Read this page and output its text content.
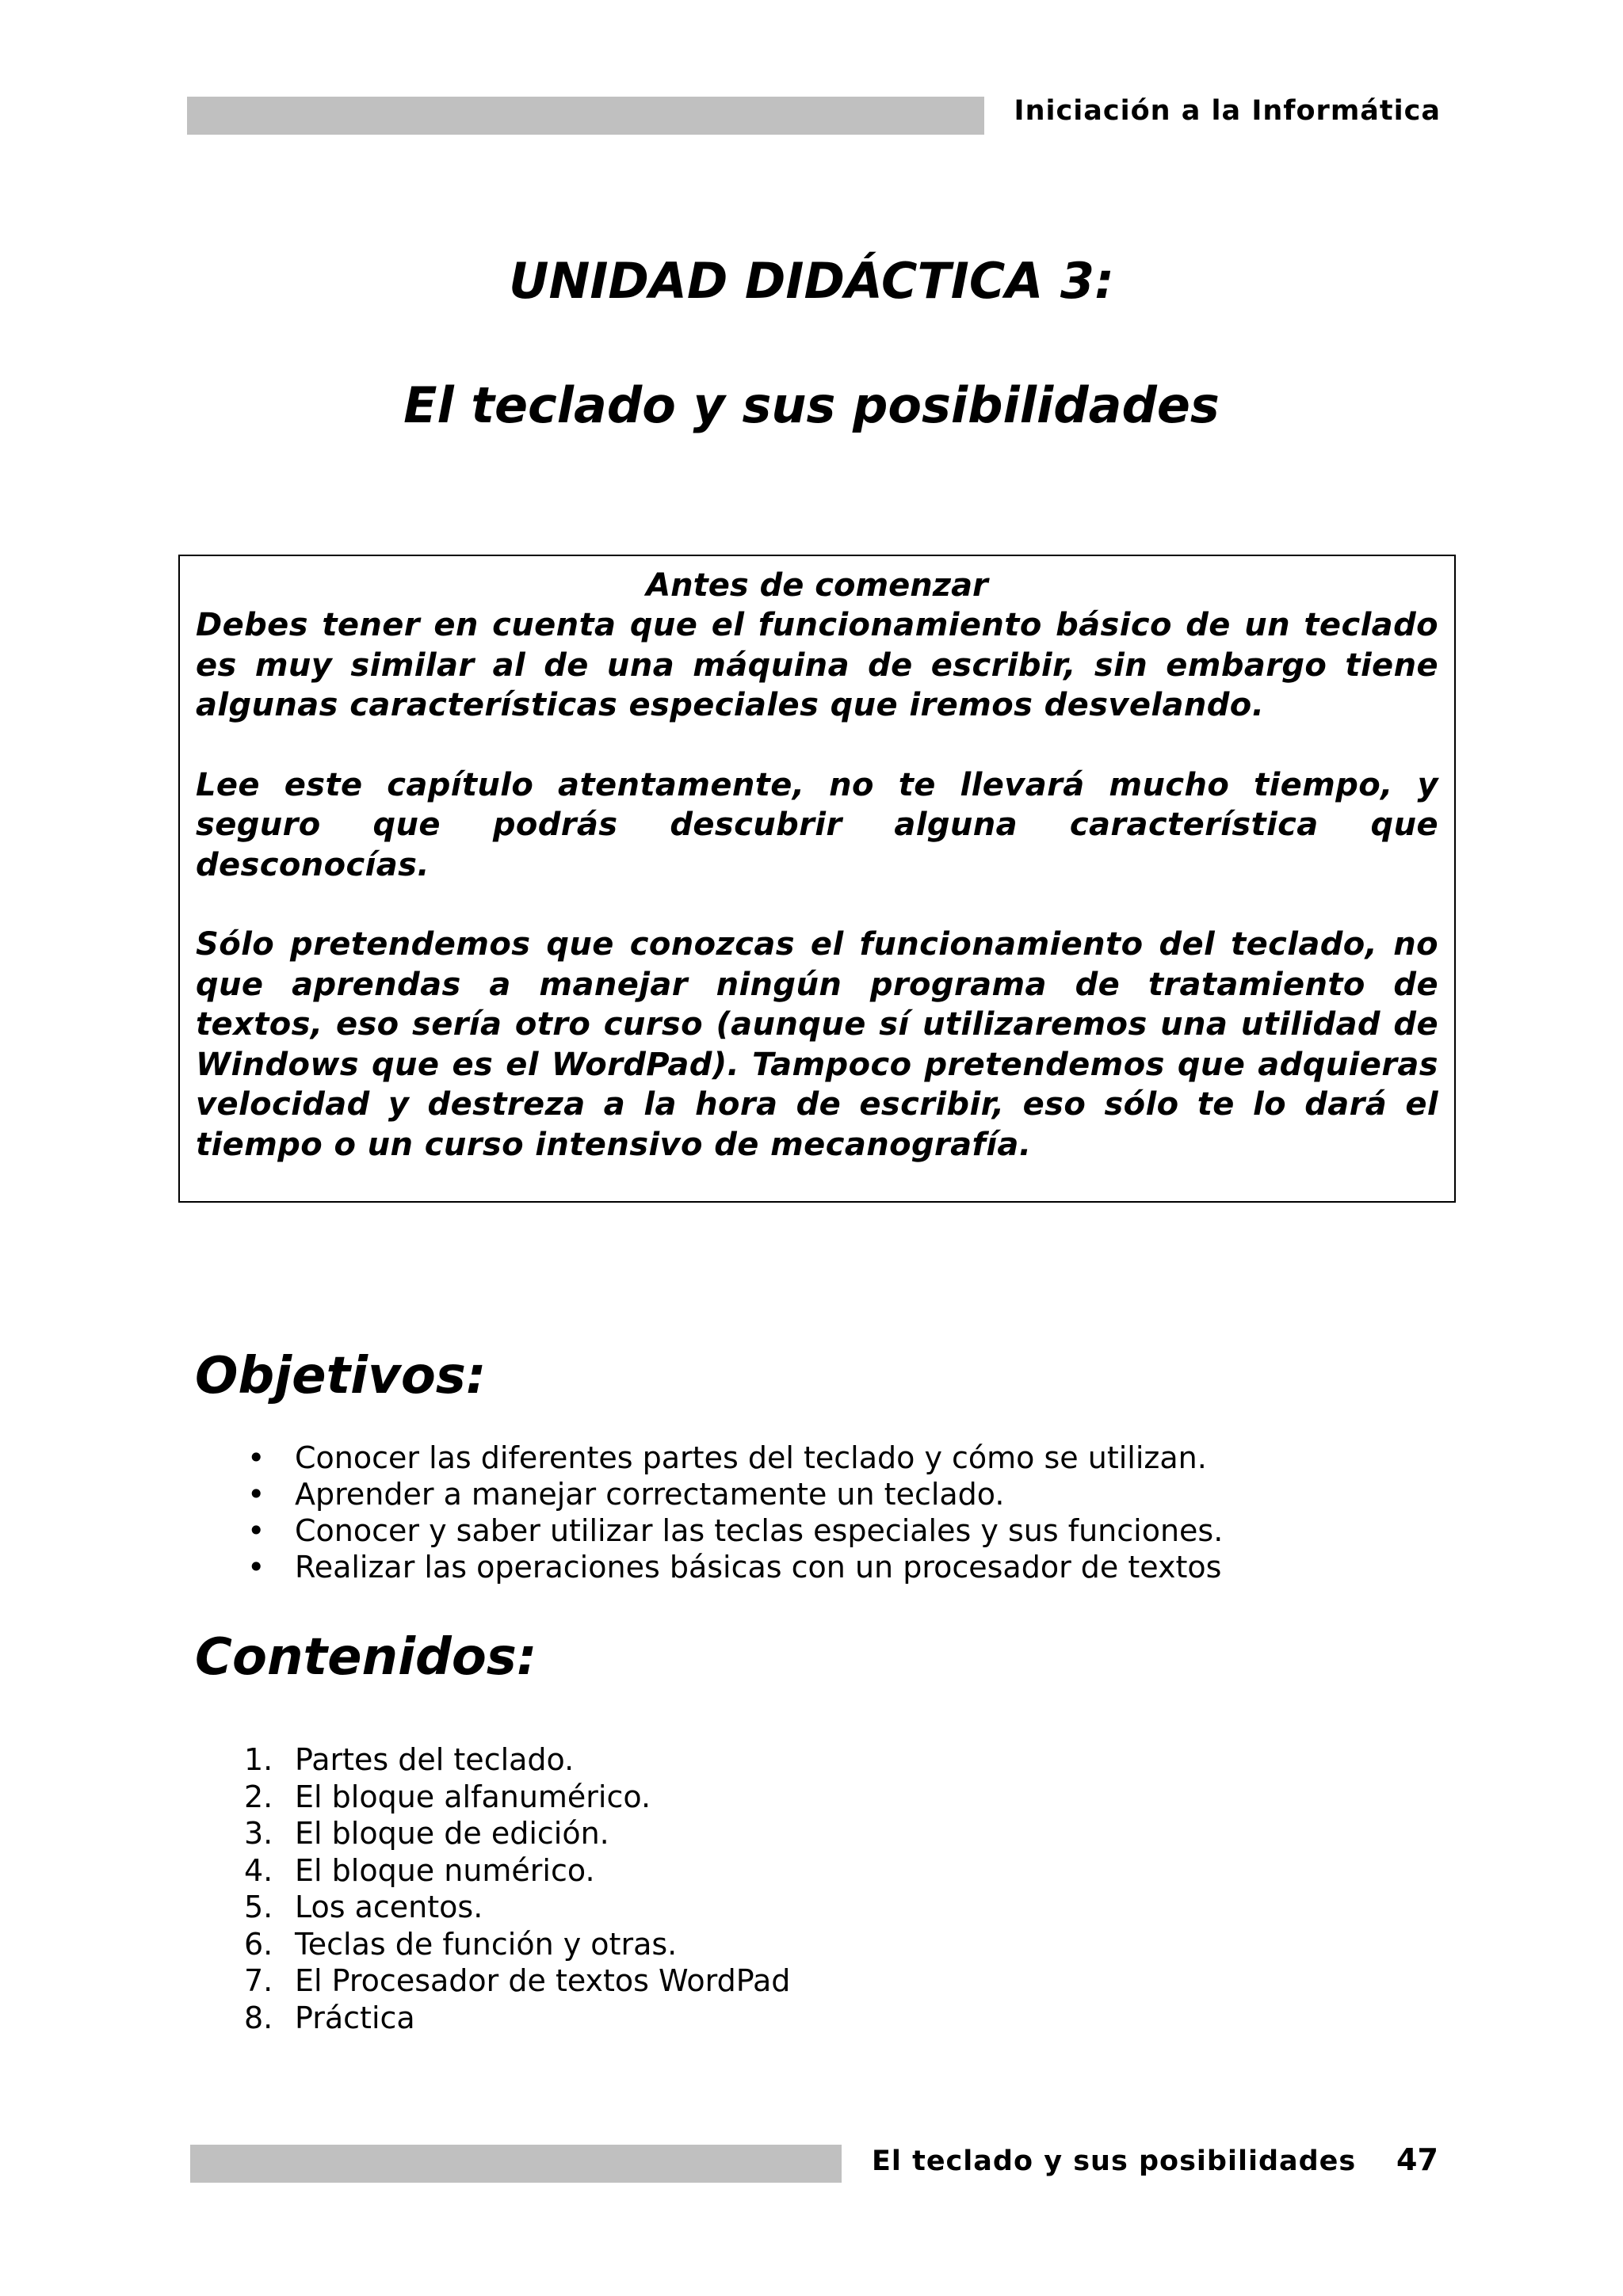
Iniciación a la Informática
UNIDAD DIDÁCTICA 3:
El teclado y sus posibilidades
Antes de comenzar

Debes tener en cuenta que el funcionamiento básico de un teclado es muy similar al de una máquina de escribir, sin embargo tiene algunas características especiales que iremos desvelando.

Lee este capítulo atentamente, no te llevará mucho tiempo, y seguro que podrás descubrir alguna característica que desconocías.

Sólo pretendemos que conozcas el funcionamiento del teclado, no que aprendas a manejar ningún programa de tratamiento de textos, eso sería otro curso (aunque sí utilizaremos una utilidad de Windows que es el WordPad). Tampoco pretendemos que adquieras velocidad y destreza a la hora de escribir, eso sólo te lo dará el tiempo o un curso intensivo de mecanografía.

Objetivos:
• Conocer las diferentes partes del teclado y cómo se utilizan.
• Aprender a manejar correctamente un teclado.
• Conocer y saber utilizar las teclas especiales y sus funciones.
• Realizar las operaciones básicas con un procesador de textos
Contenidos:
1. Partes del teclado.
2. El bloque alfanumérico.
3. El bloque de edición.
4. El bloque numérico.
5. Los acentos.
6. Teclas de función y otras.
7. El Procesador de textos WordPad
8. Práctica
El teclado y sus posibilidades 47
